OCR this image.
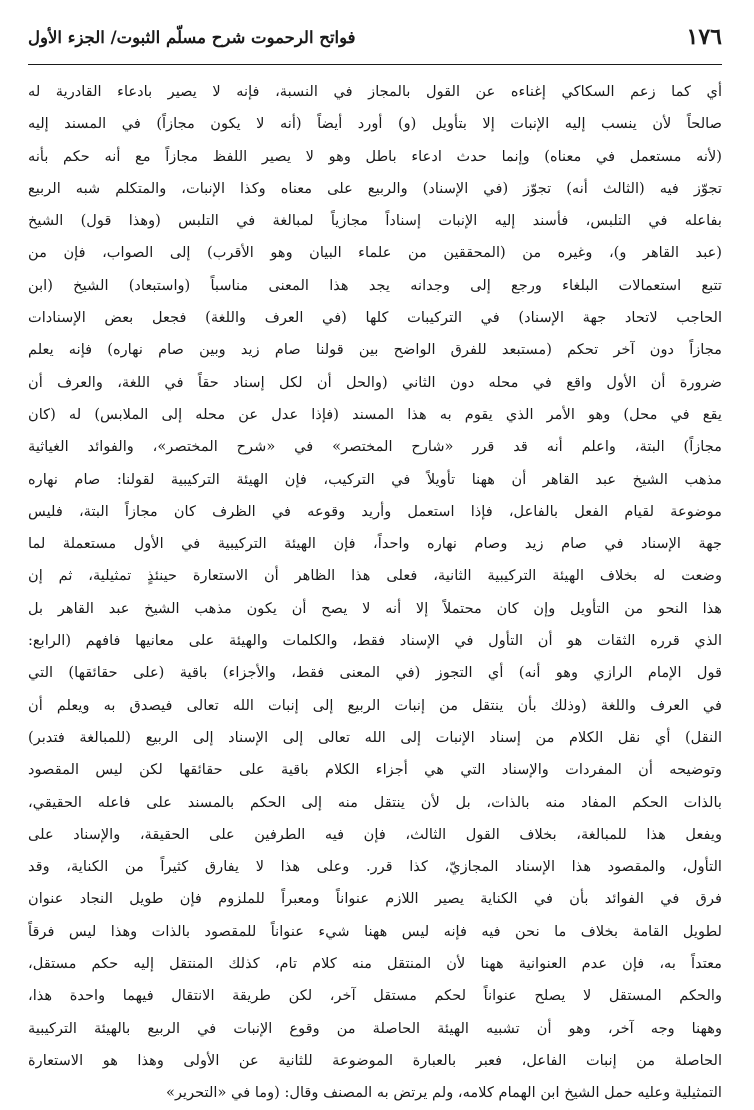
١٧٦
فواتح الرحموت شرح مسلّم الثبوت/ الجزء الأول
أي كما زعم السكاكي إغناءه عن القول بالمجاز في النسبة، فإنه لا يصير بادعاء القادرية له
صالحاً لأن ينسب إليه الإنبات إلا بتأويل (و) أورد أيضاً (أنه لا يكون مجازاً) في المسند إليه
(لأنه مستعمل في معناه) وإنما حدث ادعاء باطل وهو لا يصير اللفظ مجازاً مع أنه حكم بأنه
تجوّز فيه (الثالث أنه) تجوّز (في الإسناد) والربيع على معناه وكذا الإنبات، والمتكلم شبه الربيع
بفاعله في التلبس، فأسند إليه الإنبات إسناداً مجازياً لمبالغة في التلبس (وهذا قول) الشيخ
(عبد القاهر و)، وغيره من (المحققين من علماء البيان وهو الأقرب) إلى الصواب، فإن من
تتبع استعمالات البلغاء ورجع إلى وجدانه يجد هذا المعنى مناسباً (واستبعاد) الشيخ (ابن
الحاجب لاتحاد جهة الإسناد) في التركيبات كلها (في العرف واللغة) فجعل بعض الإسنادات
مجازاً دون آخر تحكم (مستبعد للفرق الواضح بين قولنا صام زيد وبين صام نهاره) فإنه يعلم
ضرورة أن الأول واقع في محله دون الثاني (والحل أن لكل إسناد حقاً في اللغة، والعرف أن
يقع في محل) وهو الأمر الذي يقوم به هذا المسند (فإذا عدل عن محله إلى الملابس) له (كان
مجازاً) البتة، واعلم أنه قد قرر «شارح المختصر» في «شرح المختصر»، والفوائد الغياثية
مذهب الشيخ عبد القاهر أن ههنا تأويلاً في التركيب، فإن الهيئة التركيبية لقولنا: صام نهاره
موضوعة لقيام الفعل بالفاعل، فإذا استعمل وأريد وقوعه في الظرف كان مجازاً البتة، فليس
جهة الإسناد في صام زيد وصام نهاره واحداً، فإن الهيئة التركيبية في الأول مستعملة لما
وضعت له بخلاف الهيئة التركيبية الثانية، فعلى هذا الظاهر أن الاستعارة حينئذٍ تمثيلية، ثم إن
هذا النحو من التأويل وإن كان محتملاً إلا أنه لا يصح أن يكون مذهب الشيخ عبد القاهر بل
الذي قرره الثقات هو أن التأول في الإسناد فقط، والكلمات والهيئة على معانيها فافهم (الرابع:
قول الإمام الرازي وهو أنه) أي التجوز (في المعنى فقط، والأجزاء) باقية (على حقائقها) التي
في العرف واللغة (وذلك بأن ينتقل من إنبات الربيع إلى إنبات الله تعالى فيصدق به ويعلم أن
النقل) أي نقل الكلام من إسناد الإنبات إلى الله تعالى إلى الإسناد إلى الربيع (للمبالغة فتدبر)
وتوضيحه أن المفردات والإسناد التي هي أجزاء الكلام باقية على حقائقها لكن ليس المقصود
بالذات الحكم المفاد منه بالذات، بل لأن ينتقل منه إلى الحكم بالمسند على فاعله الحقيقي،
ويفعل هذا للمبالغة، بخلاف القول الثالث، فإن فيه الطرفين على الحقيقة، والإسناد على
التأول، والمقصود هذا الإسناد المجازيّ، كذا قرر. وعلى هذا لا يفارق كثيراً من الكناية، وقد
فرق في الفوائد بأن في الكناية يصير اللازم عنواناً ومعبراً للملزوم فإن طويل النجاد عنوان
لطويل القامة بخلاف ما نحن فيه فإنه ليس ههنا شيء عنواناً للمقصود بالذات وهذا ليس فرقاً
معتداً به، فإن عدم العنوانية ههنا لأن المنتقل منه كلام تام، كذلك المنتقل إليه حكم مستقل،
والحكم المستقل لا يصلح عنواناً لحكم مستقل آخر، لكن طريقة الانتقال فيهما واحدة هذا،
وههنا وجه آخر، وهو أن تشبيه الهيئة الحاصلة من وقوع الإنبات في الربيع بالهيئة التركيبية
الحاصلة من إنبات الفاعل، فعبر بالعبارة الموضوعة للثانية عن الأولى وهذا هو الاستعارة
التمثيلية وعليه حمل الشيخ ابن الهمام كلامه، ولم يرتض به المصنف وقال: (وما في «التحرير»
